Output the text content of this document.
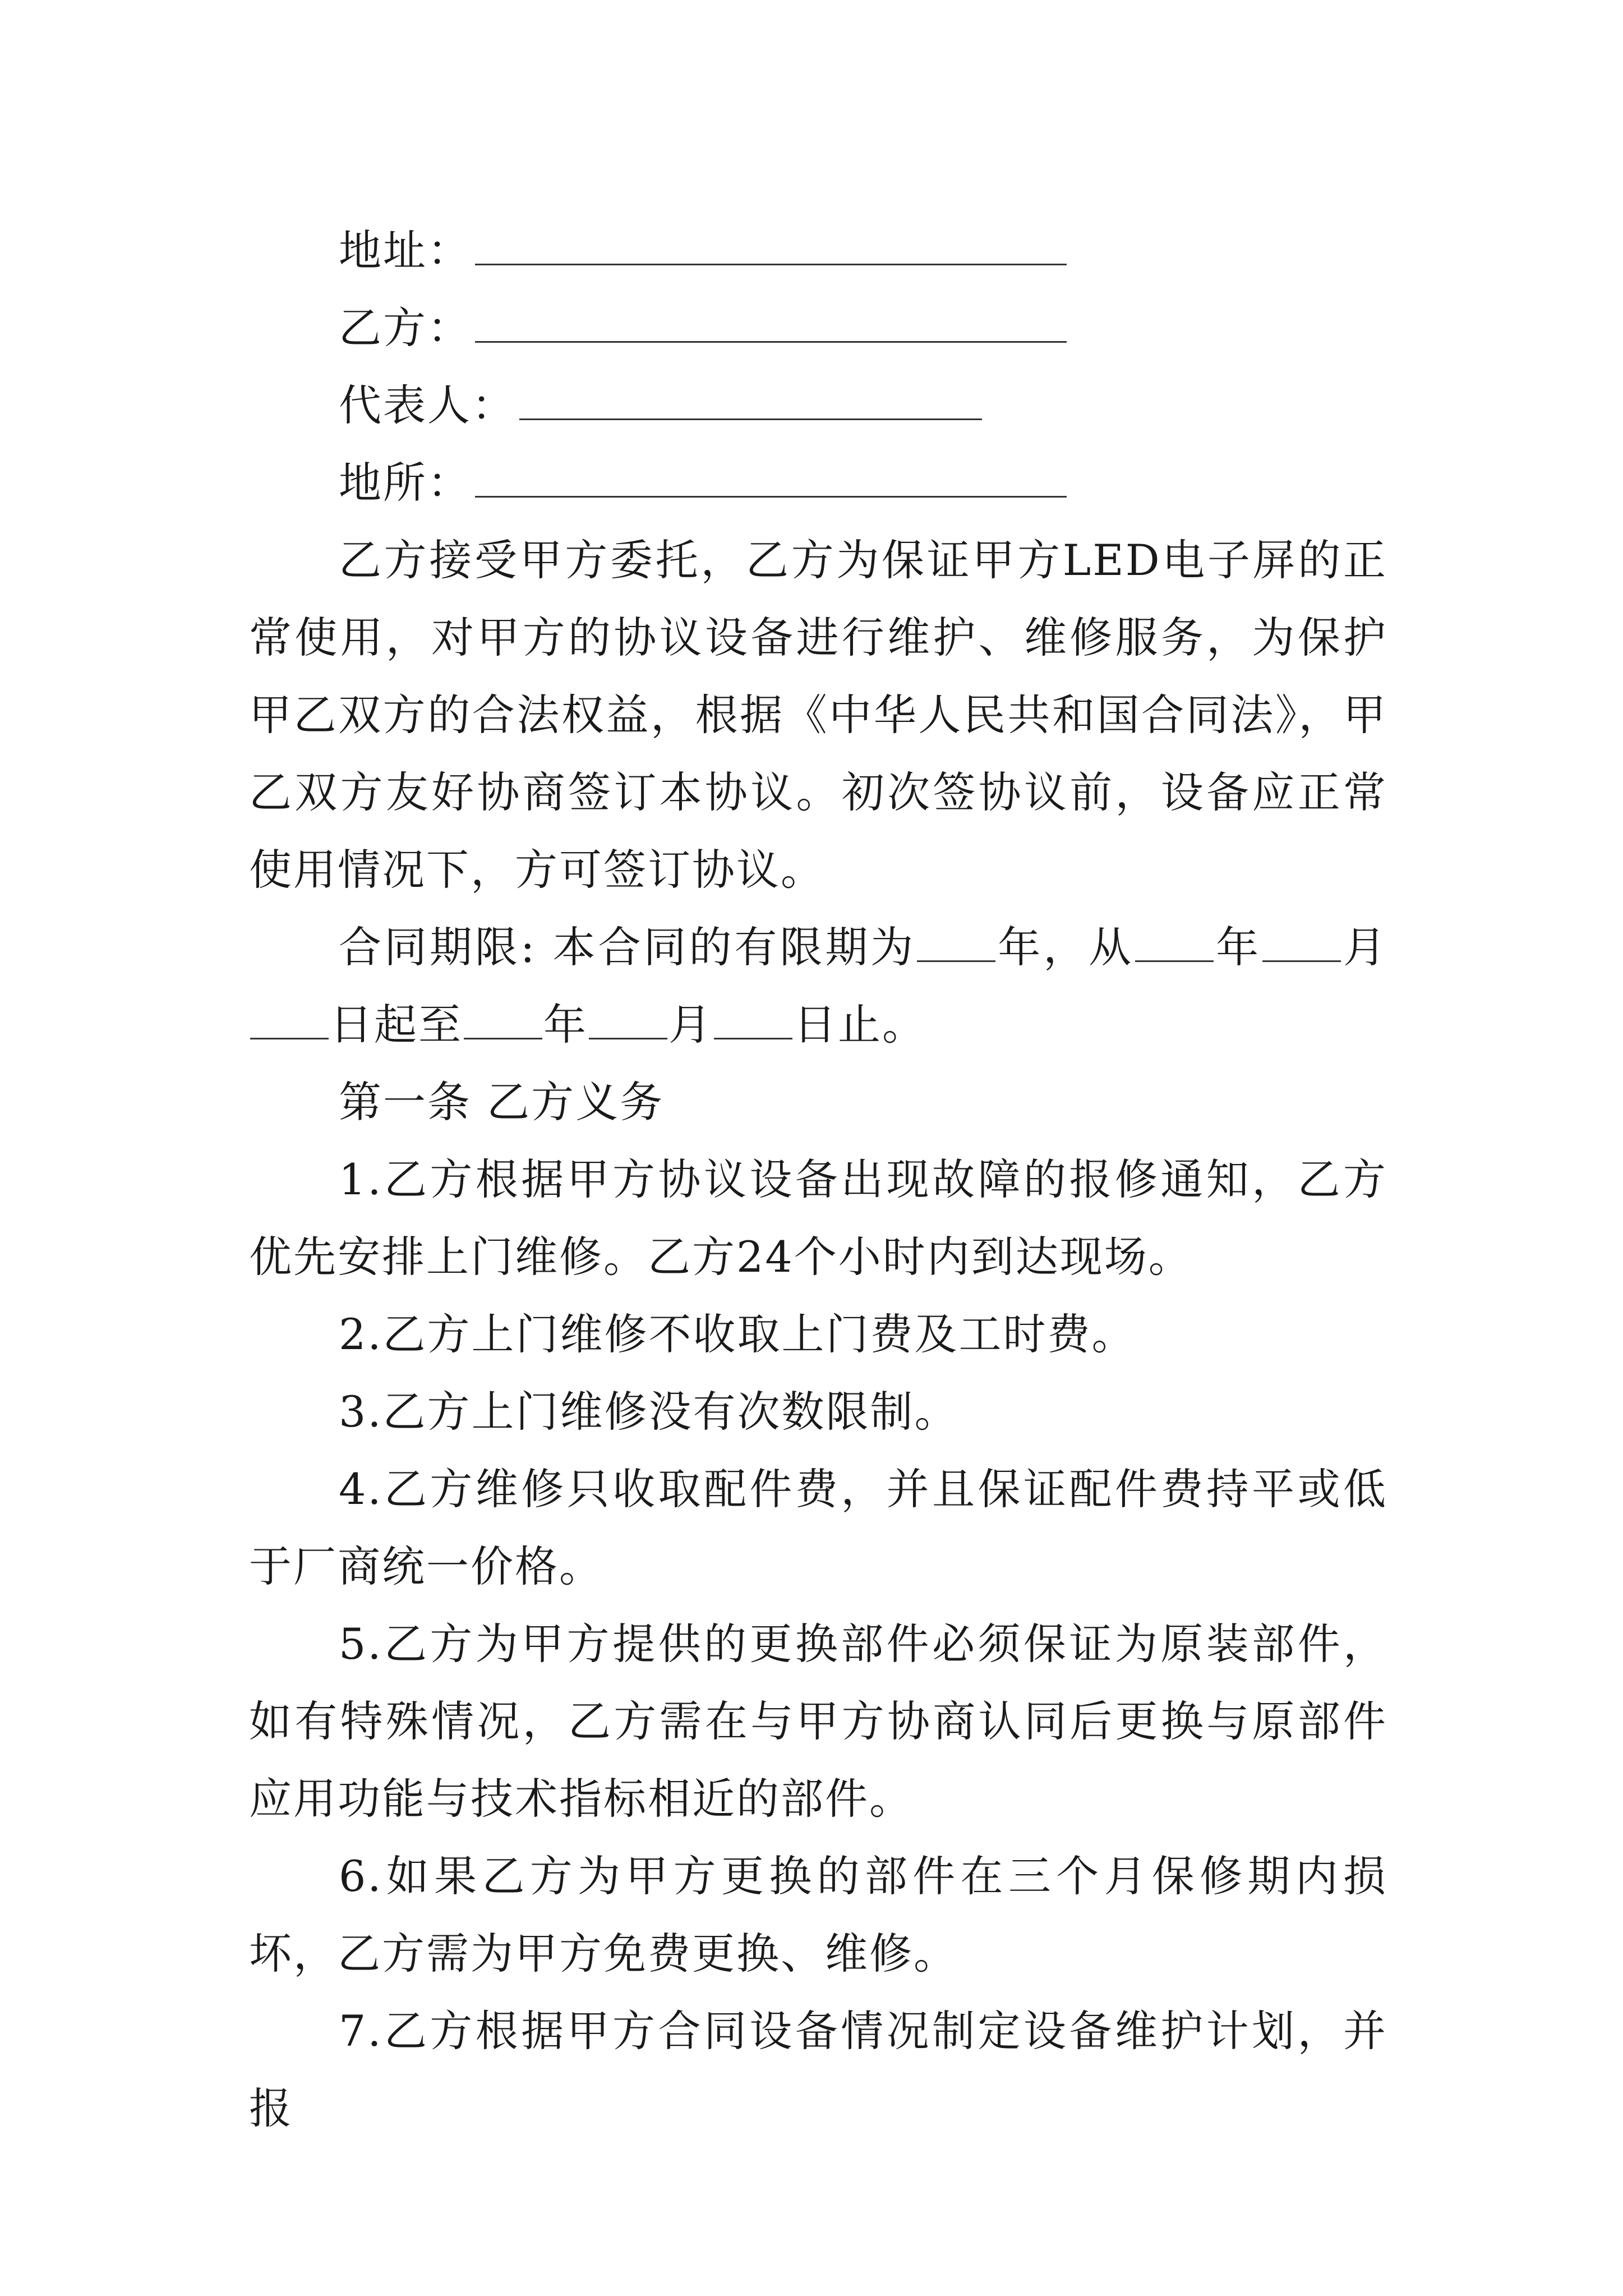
地址：
乙方：
代表人：
地所：

乙方接受甲方委托，乙方为保证甲方LED电子屏的正常使用，对甲方的协议设备进行维护、维修服务，为保护甲乙双方的合法权益，根据《中华人民共和国合同法》，甲乙双方友好协商签订本协议。初次签协议前，设备应正常使用情况下，方可签订协议。

合同期限: 本合同的有限期为 年，从 年 月日起至 年 月 日止。

第一条 乙方义务

1.乙方根据甲方协议设备出现故障的报修通知，乙方优先安排上门维修。乙方24个小时内到达现场。

2.乙方上门维修不收取上门费及工时费。

3.乙方上门维修没有次数限制。

4.乙方维修只收取配件费，并且保证配件费持平或低于厂商统一价格。

5.乙方为甲方提供的更换部件必须保证为原装部件，如有特殊情况，乙方需在与甲方协商认同后更换与原部件应用功能与技术指标相近的部件。

6.如果乙方为甲方更换的部件在三个月保修期内损坏，乙方需为甲方免费更换、维修。

7.乙方根据甲方合同设备情况制定设备维护计划，并报
